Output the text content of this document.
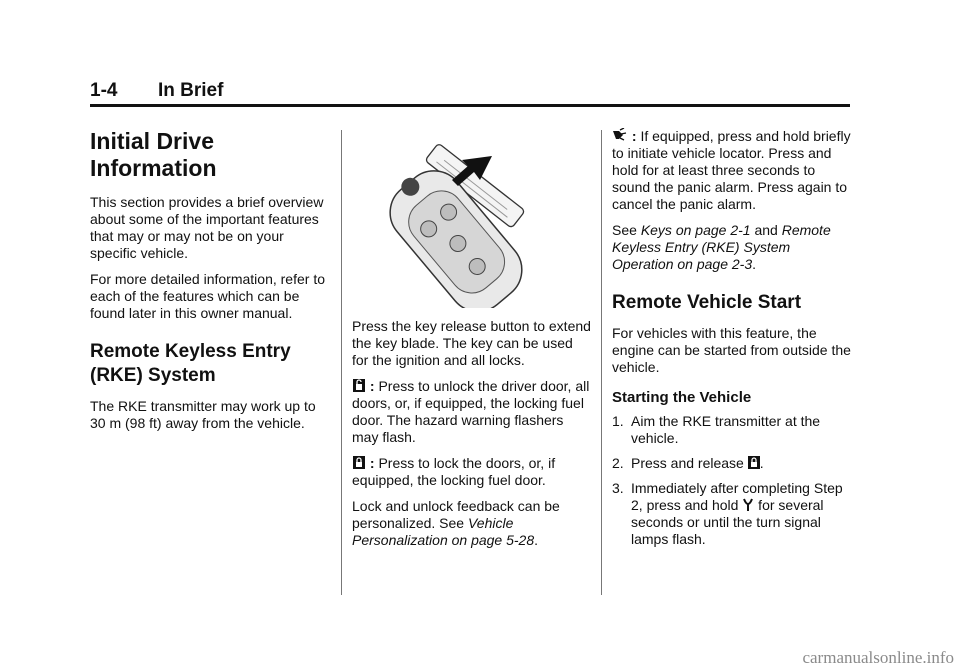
1-4	In Brief
Initial Drive Information

This section provides a brief overview about some of the important features that may or may not be on your specific vehicle.

For more detailed information, refer to each of the features which can be found later in this owner manual.

Remote Keyless Entry (RKE) System

The RKE transmitter may work up to 30 m (98 ft) away from the vehicle.

Press the key release button to extend the key blade. The key can be used for the ignition and all locks.

: Press to unlock the driver door, all doors, or, if equipped, the locking fuel door. The hazard warning flashers may flash.

: Press to lock the doors, or, if equipped, the locking fuel door.

Lock and unlock feedback can be personalized. See Vehicle Personalization on page 5-28.

: If equipped, press and hold briefly to initiate vehicle locator. Press and hold for at least three seconds to sound the panic alarm. Press again to cancel the panic alarm.

See Keys on page 2-1 and Remote Keyless Entry (RKE) System Operation on page 2-3.

Remote Vehicle Start

For vehicles with this feature, the engine can be started from outside the vehicle.

Starting the Vehicle
1. Aim the RKE transmitter at the vehicle.
2. Press and release .
3. Immediately after completing Step 2, press and hold  for several seconds or until the turn signal lamps flash.
carmanualsonline.info
